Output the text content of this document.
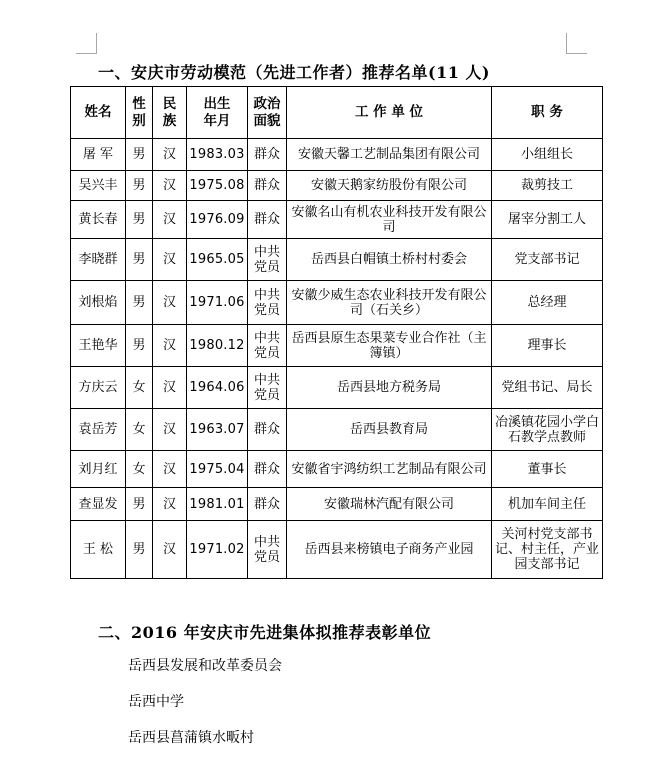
一、安庆市劳动模范（先进工作者）推荐名单(11 人)
姓名	性别	民族	出生年月	政治面貌	工 作 单 位	职 务
屠 军	男	汉	1983.03	群众	安徽天馨工艺制品集团有限公司	小组组长
吴兴丰	男	汉	1975.08	群众	安徽天鹅家纺股份有限公司	裁剪技工
黄长春	男	汉	1976.09	群众	安徽名山有机农业科技开发有限公司	屠宰分割工人
李晓群	男	汉	1965.05	中共党员	岳西县白帽镇土桥村村委会	党支部书记
刘根焰	男	汉	1971.06	中共党员	安徽少威生态农业科技开发有限公司（石关乡）	总经理
王艳华	男	汉	1980.12	中共党员	岳西县原生态果菜专业合作社（主簿镇）	理事长
方庆云	女	汉	1964.06	中共党员	岳西县地方税务局	党组书记、局长
袁岳芳	女	汉	1963.07	群众	岳西县教育局	冶溪镇花园小学白石教学点教师
刘月红	女	汉	1975.04	群众	安徽省宇鸿纺织工艺制品有限公司	董事长
查显发	男	汉	1981.01	群众	安徽瑞林汽配有限公司	机加车间主任
王 松	男	汉	1971.02	中共党员	岳西县来榜镇电子商务产业园	关河村党支部书记、村主任，产业园支部书记
二、2016 年安庆市先进集体拟推荐表彰单位
岳西县发展和改革委员会
岳西中学
岳西县菖蒲镇水畈村
